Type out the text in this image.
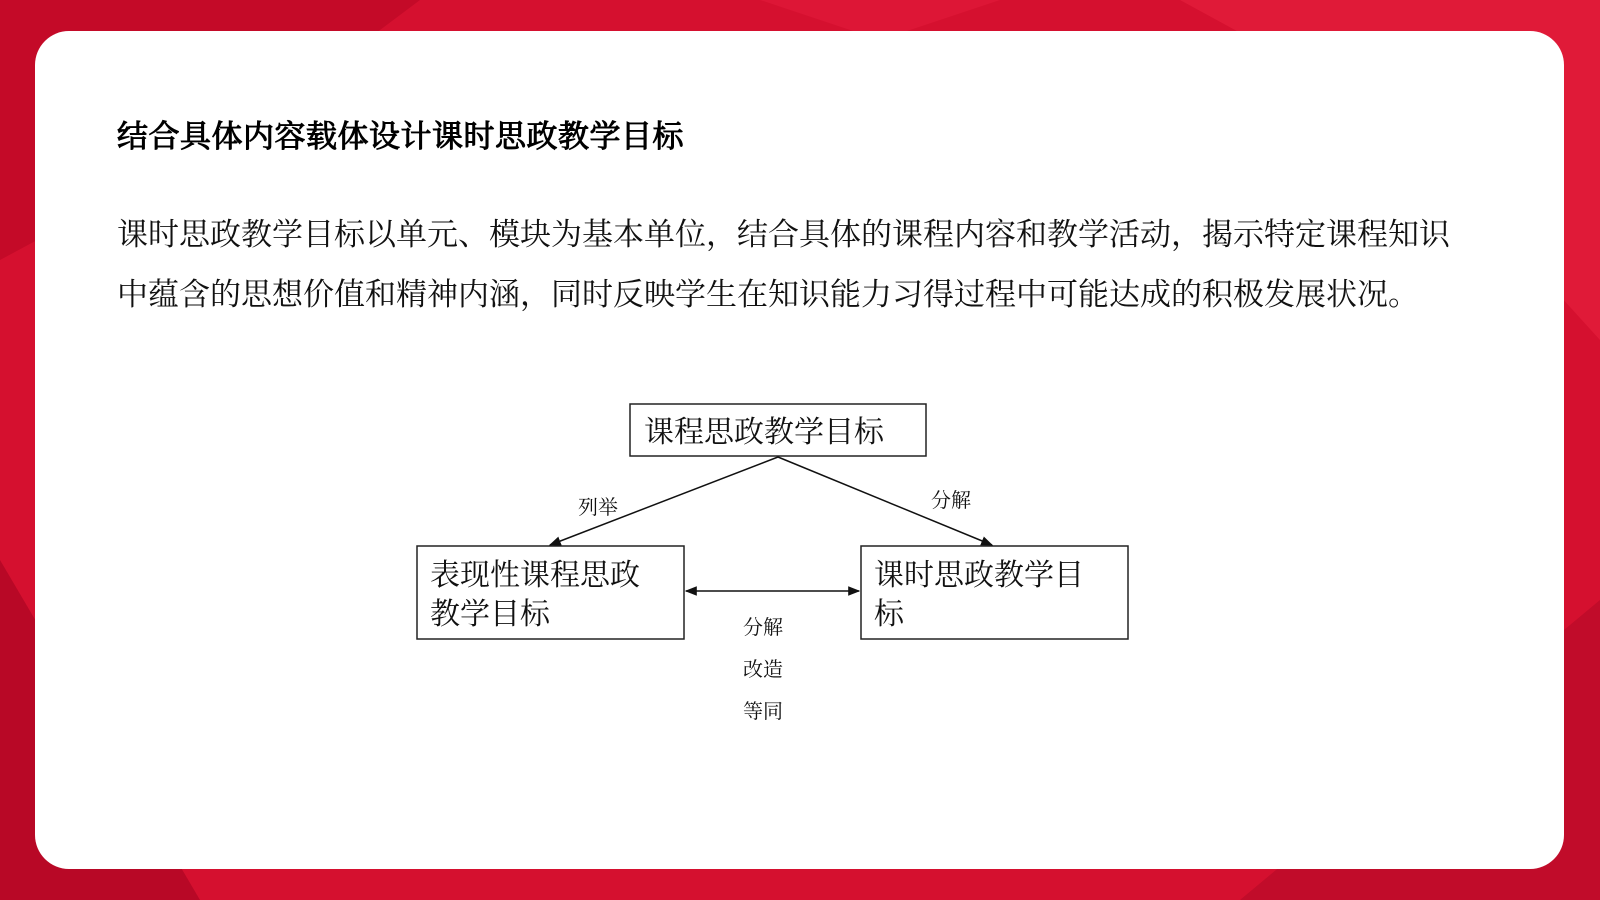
结合具体内容载体设计课时思政教学目标

课时思政教学目标以单元、模块为基本单位，结合具体的课程内容和教学活动，揭示特定课程知识中蕴含的思想价值和精神内涵，同时反映学生在知识能力习得过程中可能达成的积极发展状况。

课程思政教学目标
表现性课程思政
教学目标
课时思政教学目
标
列举	分解
分解
改造
等同
